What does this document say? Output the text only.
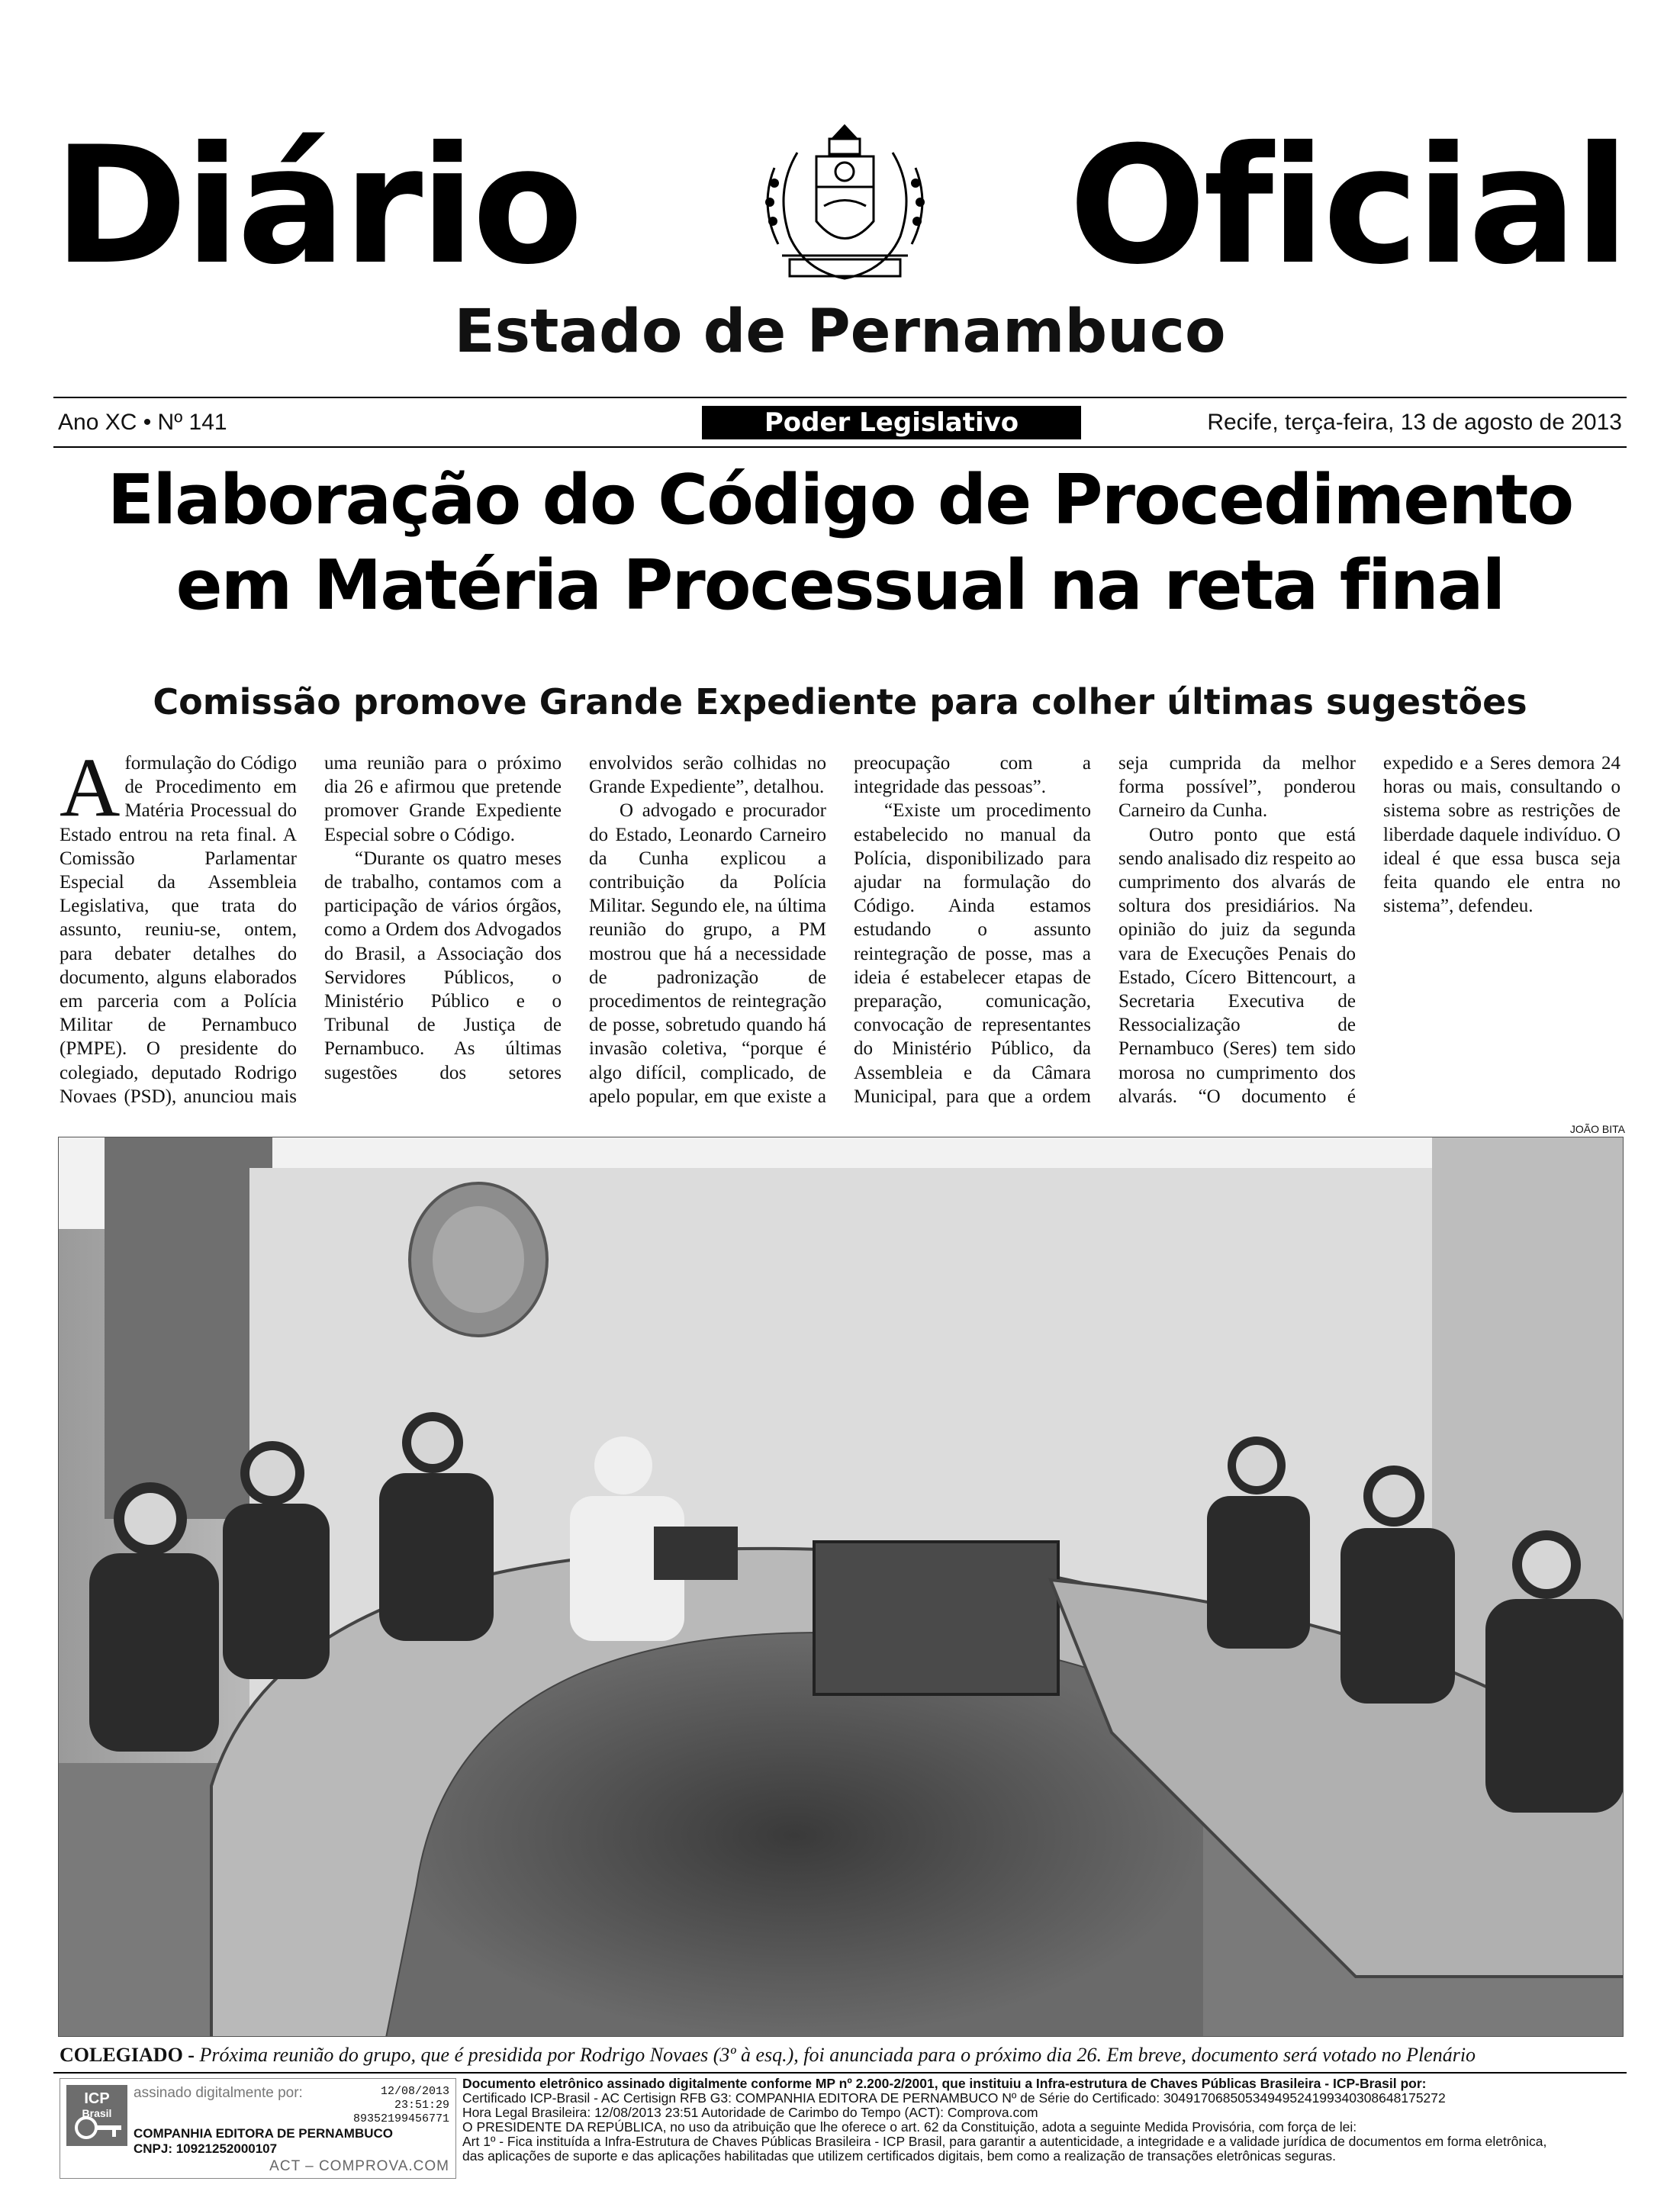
Diário	Oficial
Estado de Pernambuco
Ano XC • Nº 141	Poder Legislativo	Recife, terça-feira, 13 de agosto de 2013
Elaboração do Código de Procedimento
em Matéria Processual na reta final
Comissão promove Grande Expediente para colher últimas sugestões

Aformulação do Código de Procedimento em Matéria Processual do Estado entrou na reta final. A Comissão Parlamentar Especial da Assembleia Legislativa, que trata do assunto, reuniu-se, ontem, para debater detalhes do documento, alguns elaborados em parceria com a Polícia Militar de Pernambuco (PMPE). O presidente do colegiado, deputado Rodrigo Novaes (PSD), anunciou mais uma reunião para o próximo dia 26 e afirmou que pretende promover Grande Expediente Especial sobre o Código.

“Durante os quatro meses de trabalho, contamos com a participação de vários órgãos, como a Ordem dos Advogados do Brasil, a Associação dos Servidores Públicos, o Ministério Público e o Tribunal de Justiça de Pernambuco. As últimas sugestões dos setores envolvidos serão colhidas no Grande Expediente”, detalhou.

O advogado e procurador do Estado, Leonardo Carneiro da Cunha explicou a contribuição da Polícia Militar. Segundo ele, na última reunião do grupo, a PM mostrou que há a necessidade de padronização de procedimentos de reintegração de posse, sobretudo quando há invasão coletiva, “porque é algo difícil, complicado, de apelo popular, em que existe a preocupação com a integridade das pessoas”.

“Existe um procedimento estabelecido no manual da Polícia, disponibilizado para ajudar na formulação do Código. Ainda estamos estudando o assunto reintegração de posse, mas a ideia é estabelecer etapas de preparação, comunicação, convocação de representantes do Ministério Público, da Assembleia e da Câmara Municipal, para que a ordem seja cumprida da melhor forma possível”, ponderou Carneiro da Cunha.

Outro ponto que está sendo analisado diz respeito ao cumprimento dos alvarás de soltura dos presidiários. Na opinião do juiz da segunda vara de Execuções Penais do Estado, Cícero Bittencourt, a Secretaria Executiva de Ressocialização de Pernambuco (Seres) tem sido morosa no cumprimento dos alvarás. “O documento é expedido e a Seres demora 24 horas ou mais, consultando o sistema sobre as restrições de liberdade daquele indivíduo. O ideal é que essa busca seja feita quando ele entra no sistema”, defendeu.

JOÃO BITA

COLEGIADO - Próxima reunião do grupo, que é presidida por Rodrigo Novaes (3º à esq.), foi anunciada para o próximo dia 26. Em breve, documento será votado no Plenário

ICP
Brasil
assinado digitalmente por:	12/08/2013
23:51:29
89352199456771
COMPANHIA EDITORA DE PERNAMBUCO
CNPJ: 10921252000107
ACT – COMPROVA.COM
Documento eletrônico assinado digitalmente conforme MP nº 2.200-2/2001, que instituiu a Infra-estrutura de Chaves Públicas Brasileira - ICP-Brasil por:
Certificado ICP-Brasil - AC Certisign RFB G3: COMPANHIA EDITORA DE PERNAMBUCO Nº de Série do Certificado: 30491706850534949524199340308648175272
Hora Legal Brasileira: 12/08/2013 23:51 Autoridade de Carimbo do Tempo (ACT): Comprova.com
O PRESIDENTE DA REPÚBLICA, no uso da atribuição que lhe oferece o art. 62 da Constituição, adota a seguinte Medida Provisória, com força de lei:
Art 1º - Fica instituída a Infra-Estrutura de Chaves Públicas Brasileira - ICP Brasil, para garantir a autenticidade, a integridade e a validade jurídica de documentos em forma eletrônica,
das aplicações de suporte e das aplicações habilitadas que utilizem certificados digitais, bem como a realização de transações eletrônicas seguras.
